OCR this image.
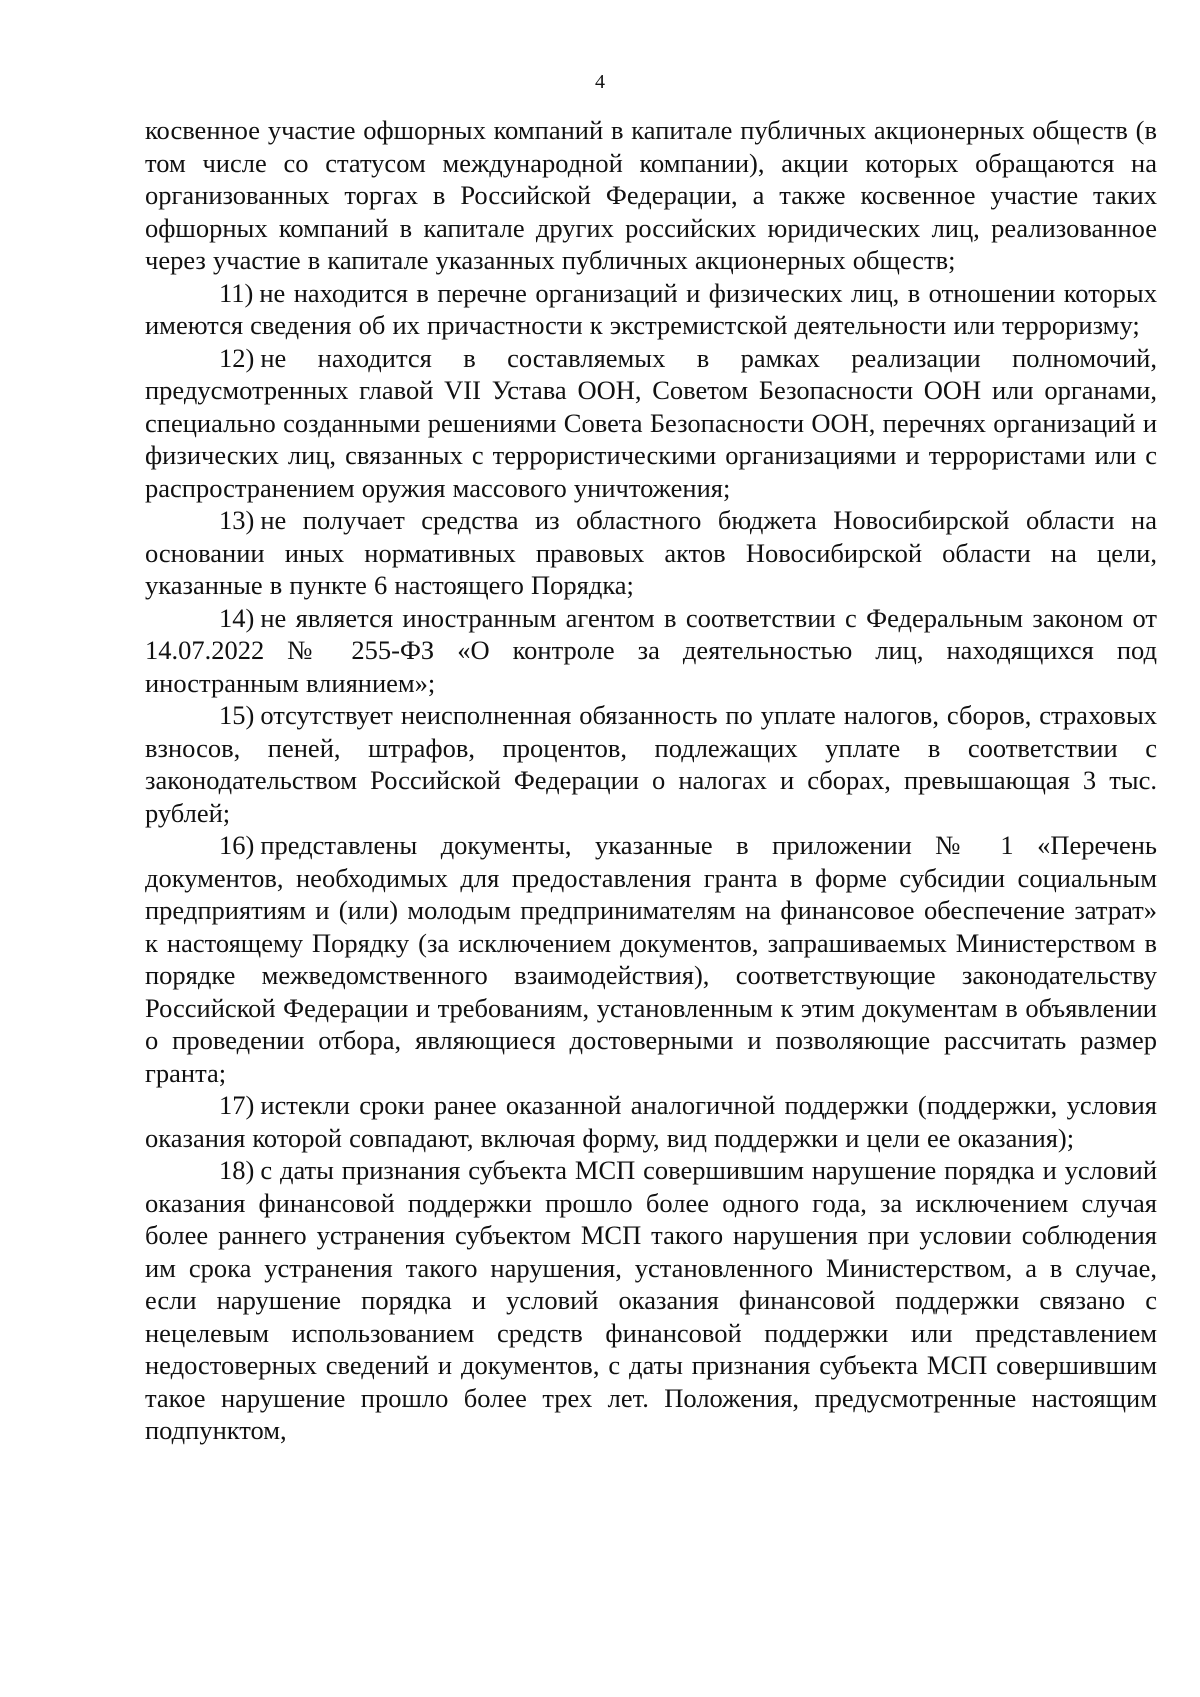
4

косвенное участие офшорных компаний в капитале публичных акционерных обществ (в том числе со статусом международной компании), акции которых обращаются на организованных торгах в Российской Федерации, а также косвенное участие таких офшорных компаний в капитале других российских юридических лиц, реализованное через участие в капитале указанных публичных акционерных обществ;

11) не находится в перечне организаций и физических лиц, в отношении которых имеются сведения об их причастности к экстремистской деятельности или терроризму;

12) не находится в составляемых в рамках реализации полномочий, предусмотренных главой VII Устава ООН, Советом Безопасности ООН или органами, специально созданными решениями Совета Безопасности ООН, перечнях организаций и физических лиц, связанных с террористическими организациями и террористами или с распространением оружия массового уничтожения;

13) не получает средства из областного бюджета Новосибирской области на основании иных нормативных правовых актов Новосибирской области на цели, указанные в пункте 6 настоящего Порядка;

14) не является иностранным агентом в соответствии с Федеральным законом от 14.07.2022 № 255-ФЗ «О контроле за деятельностью лиц, находящихся под иностранным влиянием»;

15) отсутствует неисполненная обязанность по уплате налогов, сборов, страховых взносов, пеней, штрафов, процентов, подлежащих уплате в соответствии с законодательством Российской Федерации о налогах и сборах, превышающая 3 тыс. рублей;

16) представлены документы, указанные в приложении № 1 «Перечень документов, необходимых для предоставления гранта в форме субсидии социальным предприятиям и (или) молодым предпринимателям на финансовое обеспечение затрат» к настоящему Порядку (за исключением документов, запрашиваемых Министерством в порядке межведомственного взаимодействия), соответствующие законодательству Российской Федерации и требованиям, установленным к этим документам в объявлении о проведении отбора, являющиеся достоверными и позволяющие рассчитать размер гранта;

17) истекли сроки ранее оказанной аналогичной поддержки (поддержки, условия оказания которой совпадают, включая форму, вид поддержки и цели ее оказания);

18) с даты признания субъекта МСП совершившим нарушение порядка и условий оказания финансовой поддержки прошло более одного года, за исключением случая более раннего устранения субъектом МСП такого нарушения при условии соблюдения им срока устранения такого нарушения, установленного Министерством, а в случае, если нарушение порядка и условий оказания финансовой поддержки связано с нецелевым использованием средств финансовой поддержки или представлением недостоверных сведений и документов, с даты признания субъекта МСП совершившим такое нарушение прошло более трех лет. Положения, предусмотренные настоящим подпунктом,
